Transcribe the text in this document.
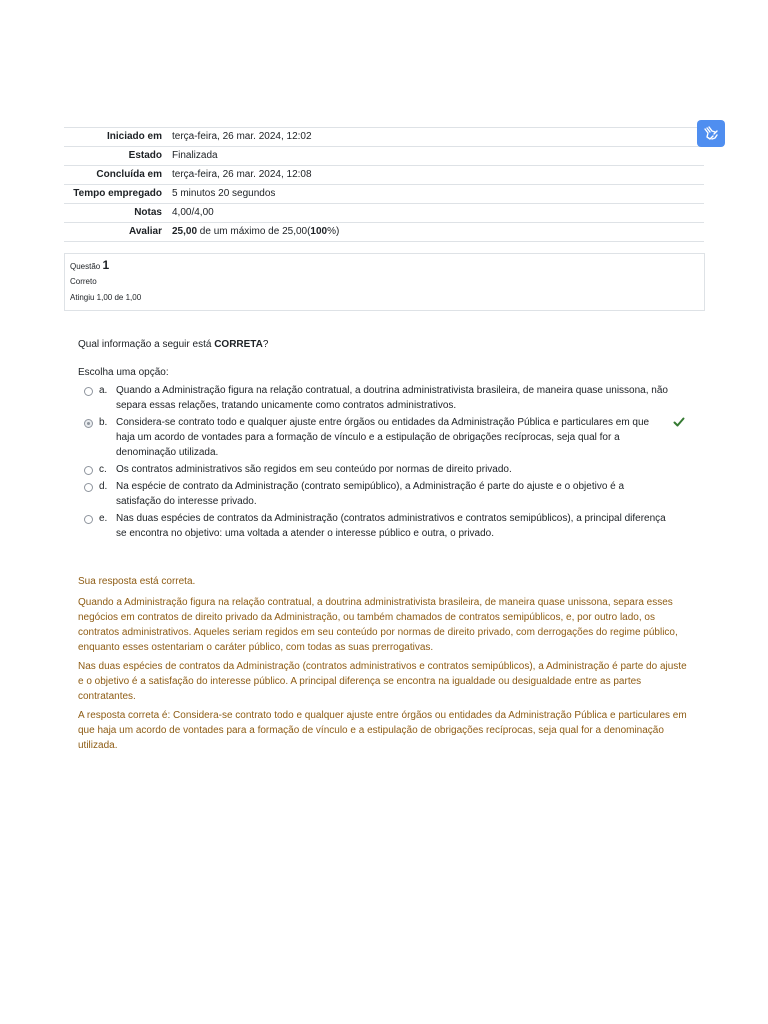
Iniciado em	terça-feira, 26 mar. 2024, 12:02
Estado	Finalizada
Concluída em	terça-feira, 26 mar. 2024, 12:08
Tempo empregado	5 minutos 20 segundos
Notas	4,00/4,00
Avaliar	25,00 de um máximo de 25,00(100%)
Questão 1
Correto
Atingiu 1,00 de 1,00
Qual informação a seguir está CORRETA?
Escolha uma opção:
a. Quando a Administração figura na relação contratual, a doutrina administrativista brasileira, de maneira quase unissona, não separa essas relações, tratando unicamente como contratos administrativos.
b. Considera-se contrato todo e qualquer ajuste entre órgãos ou entidades da Administração Pública e particulares em que haja um acordo de vontades para a formação de vínculo e a estipulação de obrigações recíprocas, seja qual for a denominação utilizada.
c. Os contratos administrativos são regidos em seu conteúdo por normas de direito privado.
d. Na espécie de contrato da Administração (contrato semipúblico), a Administração é parte do ajuste e o objetivo é a satisfação do interesse privado.
e. Nas duas espécies de contratos da Administração (contratos administrativos e contratos semipúblicos), a principal diferença se encontra no objetivo: uma voltada a atender o interesse público e outra, o privado.

Sua resposta está correta.

Quando a Administração figura na relação contratual, a doutrina administrativista brasileira, de maneira quase unissona, separa esses negócios em contratos de direito privado da Administração, ou também chamados de contratos semipúblicos, e, por outro lado, os contratos administrativos. Aqueles seriam regidos em seu conteúdo por normas de direito privado, com derrogações do regime público, enquanto esses ostentariam o caráter público, com todas as suas prerrogativas.

Nas duas espécies de contratos da Administração (contratos administrativos e contratos semipúblicos), a Administração é parte do ajuste e o objetivo é a satisfação do interesse público. A principal diferença se encontra na igualdade ou desigualdade entre as partes contratantes.

A resposta correta é: Considera-se contrato todo e qualquer ajuste entre órgãos ou entidades da Administração Pública e particulares em que haja um acordo de vontades para a formação de vínculo e a estipulação de obrigações recíprocas, seja qual for a denominação utilizada.
